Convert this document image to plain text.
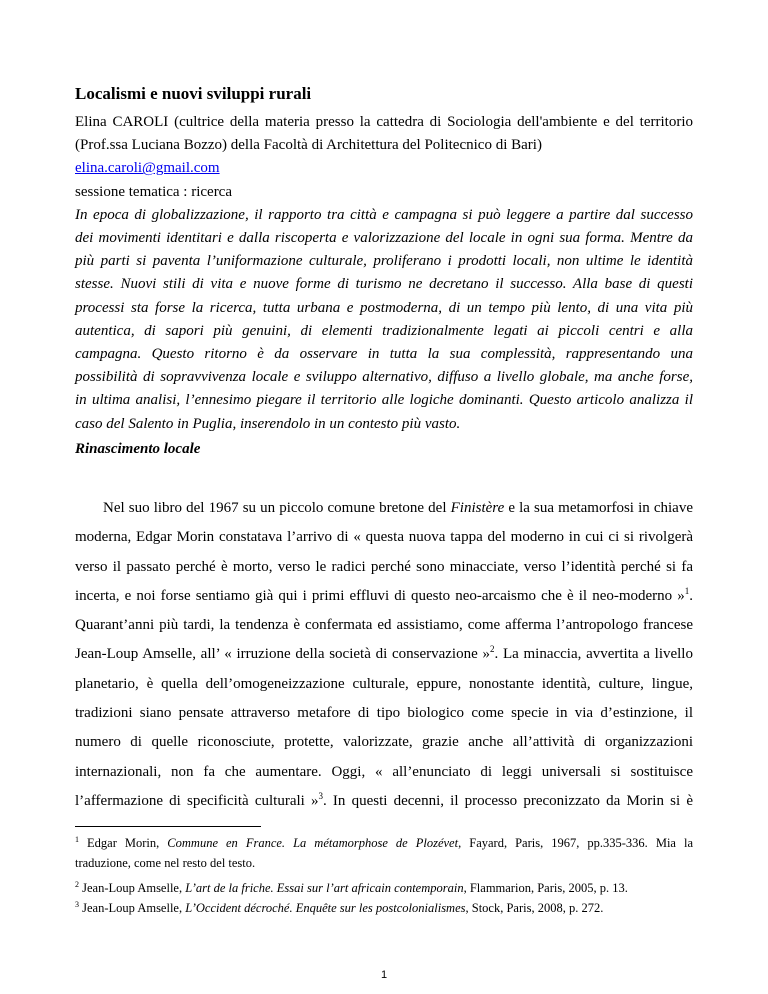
Localismi e nuovi sviluppi rurali
Elina CAROLI (cultrice della materia presso la cattedra di Sociologia dell'ambiente e del territorio
(Prof.ssa Luciana Bozzo) della Facoltà di Architettura del Politecnico di Bari)
elina.caroli@gmail.com
sessione tematica : ricerca
In epoca di globalizzazione, il rapporto tra città e campagna si può leggere a partire dal successo
dei movimenti identitari e dalla riscoperta e valorizzazione del locale in ogni sua forma. Mentre da
più parti si paventa l’uniformazione culturale, proliferano i prodotti locali, non ultime le identità
stesse. Nuovi stili di vita e nuove forme di turismo ne decretano il successo. Alla base di questi
processi sta forse la ricerca, tutta urbana e postmoderna, di un tempo più lento, di una vita più
autentica, di sapori più genuini, di elementi tradizionalmente legati ai piccoli centri e alla
campagna. Questo ritorno è da osservare in tutta la sua complessità, rappresentando una
possibilità di sopravvivenza locale e sviluppo alternativo, diffuso a livello globale, ma anche forse,
in ultima analisi, l’ennesimo piegare il territorio alle logiche dominanti. Questo articolo analizza il
caso del Salento in Puglia, inserendolo in un contesto più vasto.
Rinascimento locale
Nel suo libro del 1967 su un piccolo comune bretone del Finistère e la sua metamorfosi in chiave
moderna, Edgar Morin constatava l’arrivo di « questa nuova tappa del moderno in cui ci si rivolgerà
verso il passato perché è morto, verso le radici perché sono minacciate, verso l’identità perché si fa
incerta, e noi forse sentiamo già qui i primi effluvi di questo neo-arcaismo che è il neo-moderno »$^1$.
Quarant’anni più tardi, la tendenza è confermata ed assistiamo, come afferma l’antropologo francese
Jean-Loup Amselle, all’ « irruzione della società di conservazione »$^2$. La minaccia, avvertita a livello
planetario, è quella dell’omogeneizzazione culturale, eppure, nonostante identità, culture, lingue,
tradizioni siano pensate attraverso metafore di tipo biologico come specie in via d’estinzione, il
numero di quelle riconosciute, protette, valorizzate, grazie anche all’attività di organizzazioni
internazionali, non fa che aumentare. Oggi, « all’enunciato di leggi universali si sostituisce
l’affermazione di specificità culturali »$^3$. In questi decenni, il processo preconizzato da Morin si è
$^1$ Edgar Morin, Commune en France. La métamorphose de Plozévet, Fayard, Paris, 1967, pp.335-336. Mia la
traduzione, come nel resto del testo.
$^2$ Jean-Loup Amselle, L’art de la friche. Essai sur l’art africain contemporain, Flammarion, Paris, 2005, p. 13.
$^3$ Jean-Loup Amselle, L’Occident décroché. Enquête sur les postcolonialismes, Stock, Paris, 2008, p. 272.
1
